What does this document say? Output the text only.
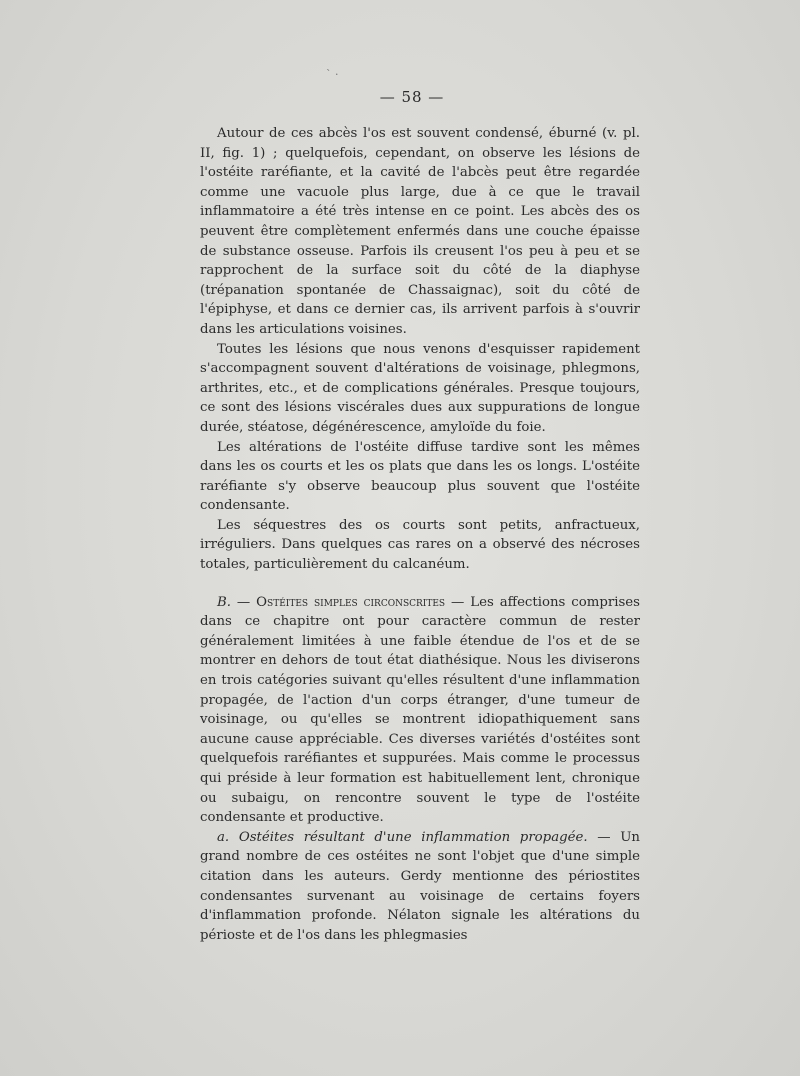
` ·
— 58 —

Autour de ces abcès l'os est souvent condensé, éburné (v. pl. II, fig. 1) ; quelquefois, cependant, on observe les lésions de l'ostéite raréfiante, et la cavité de l'abcès peut être regardée comme une vacuole plus large, due à ce que le travail inflammatoire a été très intense en ce point. Les abcès des os peuvent être complètement enfermés dans une couche épaisse de substance osseuse. Parfois ils creusent l'os peu à peu et se rapprochent de la surface soit du côté de la diaphyse (trépanation spontanée de Chassaignac), soit du côté de l'épiphyse, et dans ce dernier cas, ils arrivent parfois à s'ouvrir dans les articulations voisines.

Toutes les lésions que nous venons d'esquisser rapidement s'accompagnent souvent d'altérations de voisinage, phlegmons, arthrites, etc., et de complications générales. Presque toujours, ce sont des lésions viscérales dues aux suppurations de longue durée, stéatose, dégénérescence, amyloïde du foie.

Les altérations de l'ostéite diffuse tardive sont les mêmes dans les os courts et les os plats que dans les os longs. L'ostéite raréfiante s'y observe beaucoup plus souvent que l'ostéite condensante.

Les séquestres des os courts sont petits, anfractueux, irréguliers. Dans quelques cas rares on a observé des nécroses totales, particulièrement du calcanéum.

B. — Ostéites simples circonscrites — Les affections comprises dans ce chapitre ont pour caractère commun de rester généralement limitées à une faible étendue de l'os et de se montrer en dehors de tout état diathésique. Nous les diviserons en trois catégories suivant qu'elles résultent d'une inflammation propagée, de l'action d'un corps étranger, d'une tumeur de voisinage, ou qu'elles se montrent idiopathiquement sans aucune cause appréciable. Ces diverses variétés d'ostéites sont quelquefois raréfiantes et suppurées. Mais comme le processus qui préside à leur formation est habituellement lent, chronique ou subaigu, on rencontre souvent le type de l'ostéite condensante et productive.

a. Ostéites résultant d'une inflammation propagée. — Un grand nombre de ces ostéites ne sont l'objet que d'une simple citation dans les auteurs. Gerdy mentionne des périostites condensantes survenant au voisinage de certains foyers d'inflammation profonde. Nélaton signale les altérations du périoste et de l'os dans les phlegmasies
